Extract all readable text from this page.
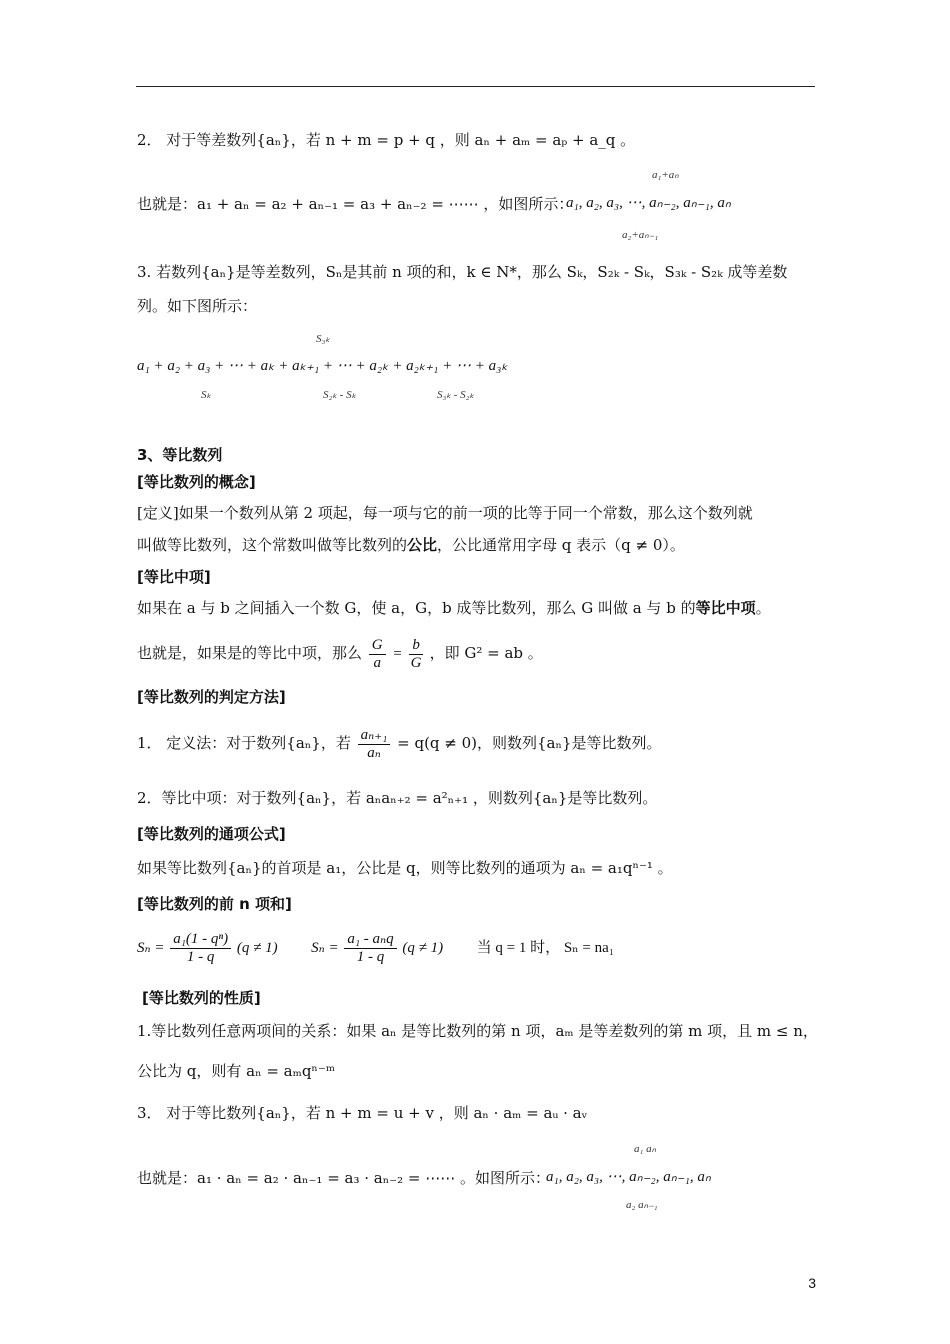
2． 对于等差数列{aₙ}，若 n + m = p + q ，则 aₙ + aₘ = aₚ + a_q 。
a₁+aₙ
也就是：a₁ + aₙ = a₂ + aₙ₋₁ = a₃ + aₙ₋₂ = ⋯⋯ ，如图所示：
a₁, a₂, a₃, ⋯, aₙ₋₂, aₙ₋₁, aₙ
a₂+aₙ₋₁
3. 若数列{aₙ}是等差数列，Sₙ是其前 n 项的和，k ∈ N*，那么 Sₖ，S₂ₖ - Sₖ，S₃ₖ - S₂ₖ 成等差数
列。如下图所示：
S₃ₖ
a₁ + a₂ + a₃ + ⋯ + aₖ + aₖ₊₁ + ⋯ + a₂ₖ + a₂ₖ₊₁ + ⋯ + a₃ₖ
Sₖ	S₂ₖ - Sₖ	S₃ₖ - S₂ₖ
3、等比数列
[等比数列的概念]
[定义]如果一个数列从第 2 项起，每一项与它的前一项的比等于同一个常数，那么这个数列就
叫做等比数列，这个常数叫做等比数列的公比，公比通常用字母 q 表示（q ≠ 0）。
[等比中项]
如果在 a 与 b 之间插入一个数 G，使 a，G，b 成等比数列，那么 G 叫做 a 与 b 的等比中项。
也就是，如果是的等比中项，那么 $\frac{G}{a} = \frac{b}{G}$ ，即 G² = ab 。
[等比数列的判定方法]
1． 定义法：对于数列{aₙ}，若 $\frac{\text{aₙ₊₁}}{\text{aₙ}} = q(q \ne 0)$，则数列{aₙ}是等比数列。
2．等比中项：对于数列{aₙ}，若 aₙaₙ₊₂ = a²ₙ₊₁ ，则数列{aₙ}是等比数列。
[等比数列的通项公式]
如果等比数列{aₙ}的首项是 a₁，公比是 q，则等比数列的通项为 aₙ = a₁qⁿ⁻¹ 。
[等比数列的前 n 项和]
$S_n = \frac{\text{a₁(1 - qⁿ)}}{1 - q} (q \ne 1) S_n = \frac{\text{a₁ - aₙq}}{1 - q} (q \ne 1)$ 当 q = 1 时， Sₙ = na₁
[等比数列的性质]
1.等比数列任意两项间的关系：如果 aₙ 是等比数列的第 n 项，aₘ 是等差数列的第 m 项，且 m ≤ n，
公比为 q，则有 aₙ = aₘqⁿ⁻ᵐ
3． 对于等比数列{aₙ}，若 n + m = u + v ，则 aₙ · aₘ = aᵤ · aᵥ
a₁ aₙ
也就是：a₁ · aₙ = a₂ · aₙ₋₁ = a₃ · aₙ₋₂ = ⋯⋯ 。如图所示：
a₁, a₂, a₃, ⋯, aₙ₋₂, aₙ₋₁, aₙ
a₂ aₙ₋₁
3
